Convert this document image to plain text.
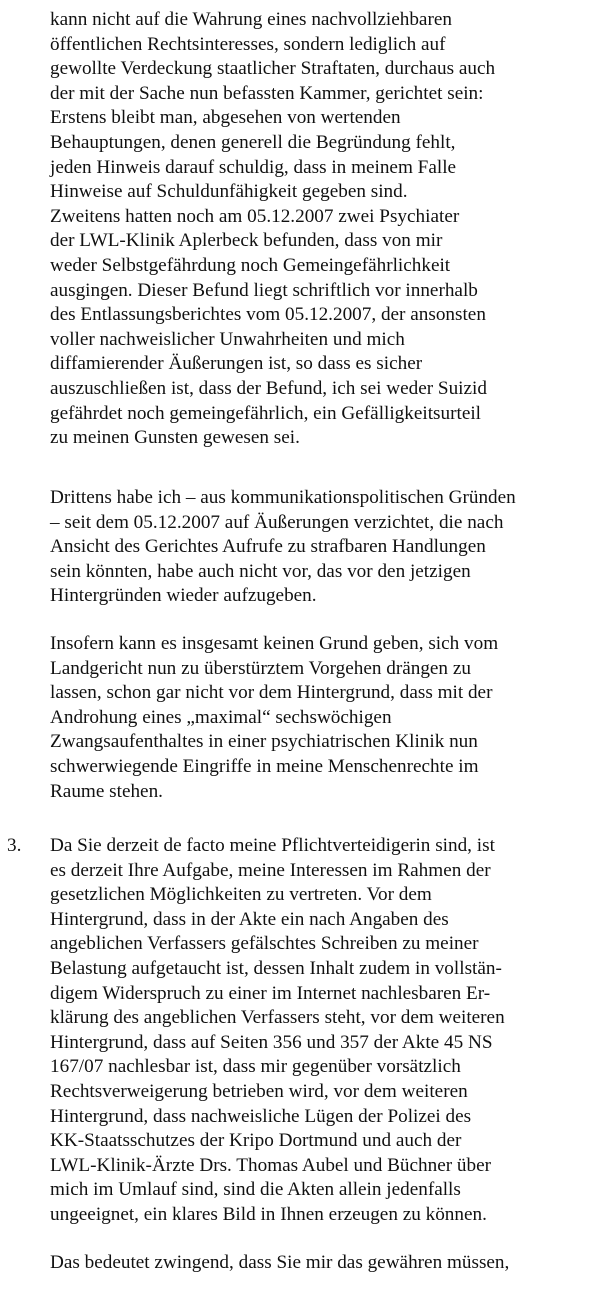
kann nicht auf die Wahrung eines nachvollziehbaren
öffentlichen Rechtsinteresses, sondern lediglich auf
gewollte Verdeckung staatlicher Straftaten, durchaus auch
der mit der Sache nun befassten Kammer, gerichtet sein:
Erstens bleibt man, abgesehen von wertenden
Behauptungen, denen generell die Begründung fehlt,
jeden Hinweis darauf schuldig, dass in meinem Falle
Hinweise auf Schuldunfähigkeit gegeben sind.
Zweitens hatten noch am 05.12.2007 zwei Psychiater
der LWL-Klinik Aplerbeck befunden, dass von mir
weder Selbstgefährdung noch Gemeingefährlichkeit
ausgingen. Dieser Befund liegt schriftlich vor innerhalb
des Entlassungsberichtes vom 05.12.2007, der ansonsten
voller nachweislicher Unwahrheiten und mich
diffamierender Äußerungen ist, so dass es sicher
auszuschließen ist, dass der Befund, ich sei weder Suizid
gefährdet noch gemeingefährlich, ein Gefälligkeitsurteil
zu meinen Gunsten gewesen sei.
Drittens habe ich – aus kommunikationspolitischen Gründen
– seit dem 05.12.2007 auf Äußerungen verzichtet, die nach
Ansicht des Gerichtes Aufrufe zu strafbaren Handlungen
sein könnten, habe auch nicht vor, das vor den jetzigen
Hintergründen wieder aufzugeben.
Insofern kann es insgesamt keinen Grund geben, sich vom
Landgericht nun zu überstürztem Vorgehen drängen zu
lassen, schon gar nicht vor dem Hintergrund, dass mit der
Androhung eines „maximal“ sechswöchigen
Zwangsaufenthaltes in einer psychiatrischen Klinik nun
schwerwiegende Eingriffe in meine Menschenrechte im
Raume stehen.
3. Da Sie derzeit de facto meine Pflichtverteidigerin sind, ist
es derzeit Ihre Aufgabe, meine Interessen im Rahmen der
gesetzlichen Möglichkeiten zu vertreten. Vor dem
Hintergrund, dass in der Akte ein nach Angaben des
angeblichen Verfassers gefälschtes Schreiben zu meiner
Belastung aufgetaucht ist, dessen Inhalt zudem in vollstän-
digem Widerspruch zu einer im Internet nachlesbaren Er-
klärung des angeblichen Verfassers steht, vor dem weiteren
Hintergrund, dass auf Seiten 356 und 357 der Akte 45 NS
167/07 nachlesbar ist, dass mir gegenüber vorsätzlich
Rechtsverweigerung betrieben wird, vor dem weiteren
Hintergrund, dass nachweisliche Lügen der Polizei des
KK-Staatsschutzes der Kripo Dortmund und auch der
LWL-Klinik-Ärzte Drs. Thomas Aubel und Büchner über
mich im Umlauf sind, sind die Akten allein jedenfalls
ungeeignet, ein klares Bild in Ihnen erzeugen zu können.
Das bedeutet zwingend, dass Sie mir das gewähren müssen,
